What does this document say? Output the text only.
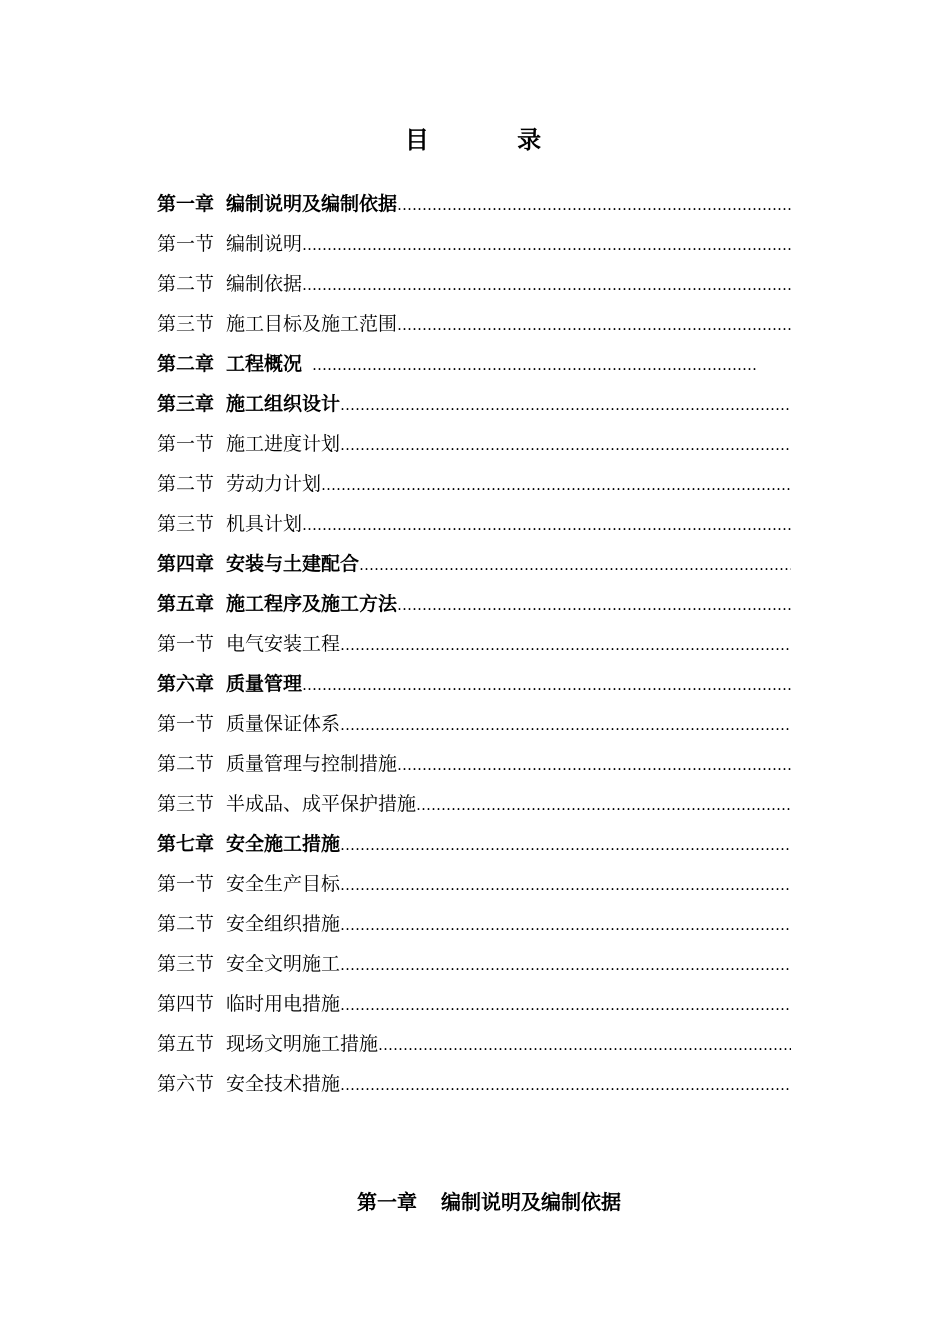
目 录
第一章 编制说明及编制依据
………………………………………………………………………………………………………………………………
第一节 编制说明
………………………………………………………………………………………………………………………………
第二节 编制依据
………………………………………………………………………………………………………………………………
第三节 施工目标及施工范围
………………………………………………………………………………………………………………………………
第二章 工程概况
………………………………………………………………………………………………………………………………
第三章 施工组织设计
………………………………………………………………………………………………………………………………
第一节 施工进度计划
………………………………………………………………………………………………………………………………
第二节 劳动力计划
………………………………………………………………………………………………………………………………
第三节 机具计划
………………………………………………………………………………………………………………………………
第四章 安装与土建配合
………………………………………………………………………………………………………………………………
第五章 施工程序及施工方法
………………………………………………………………………………………………………………………………
第一节 电气安装工程
………………………………………………………………………………………………………………………………
第六章 质量管理
………………………………………………………………………………………………………………………………
第一节 质量保证体系
………………………………………………………………………………………………………………………………
第二节 质量管理与控制措施
………………………………………………………………………………………………………………………………
第三节 半成品、成平保护措施
………………………………………………………………………………………………………………………………
第七章 安全施工措施
………………………………………………………………………………………………………………………………
第一节 安全生产目标
………………………………………………………………………………………………………………………………
第二节 安全组织措施
………………………………………………………………………………………………………………………………
第三节 安全文明施工
………………………………………………………………………………………………………………………………
第四节 临时用电措施
………………………………………………………………………………………………………………………………
第五节 现场文明施工措施
………………………………………………………………………………………………………………………………
第六节 安全技术措施
………………………………………………………………………………………………………………………………
第一章 编制说明及编制依据
